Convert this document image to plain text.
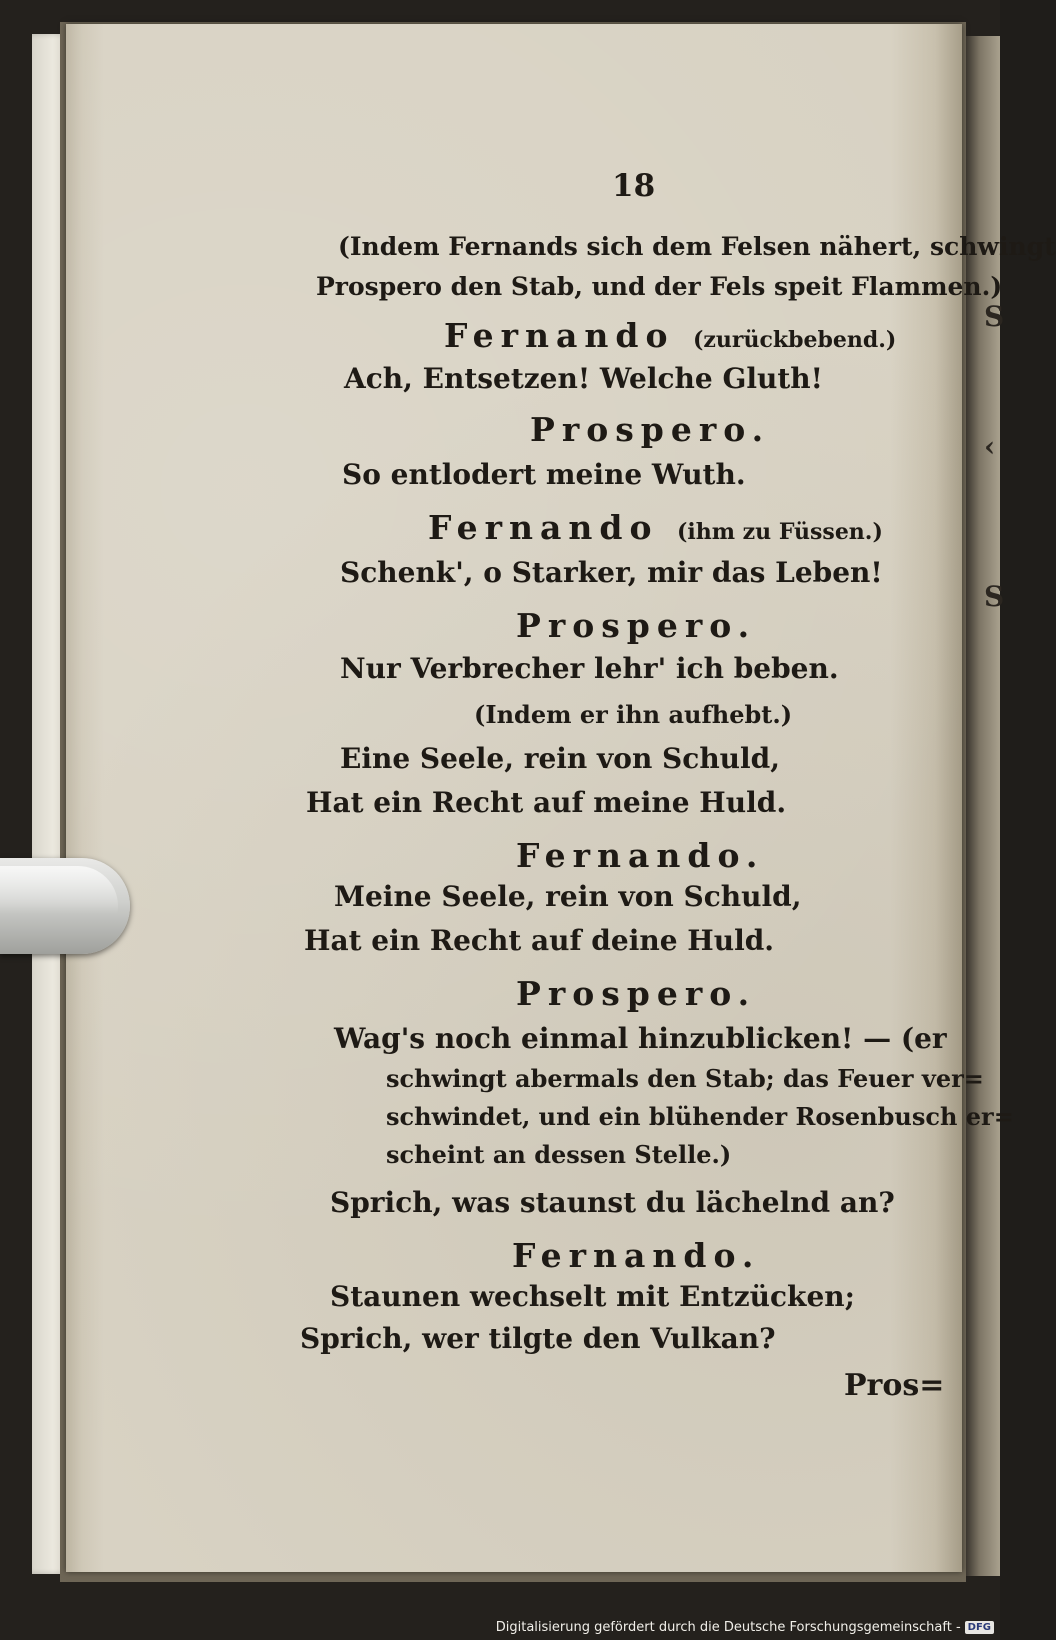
S
‹
S
18
(Indem Fernands sich dem Felsen nähert, schwingt
Prospero den Stab, und der Fels speit Flammen.)
Fernando (zurückbebend.)
Ach, Entsetzen! Welche Gluth!
Prospero.
So entlodert meine Wuth.
Fernando (ihm zu Füssen.)
Schenk', o Starker, mir das Leben!
Prospero.
Nur Verbrecher lehr' ich beben.
(Indem er ihn aufhebt.)
Eine Seele, rein von Schuld,
Hat ein Recht auf meine Huld.
Fernando.
Meine Seele, rein von Schuld,
Hat ein Recht auf deine Huld.
Prospero.
Wag's noch einmal hinzublicken! — (er
schwingt abermals den Stab; das Feuer ver=
schwindet, und ein blühender Rosenbusch er=
scheint an dessen Stelle.)
Sprich, was staunst du lächelnd an?
Fernando.
Staunen wechselt mit Entzücken;
Sprich, wer tilgte den Vulkan?
Pros=
Digitalisierung gefördert durch die Deutsche Forschungsgemeinschaft - DFG
